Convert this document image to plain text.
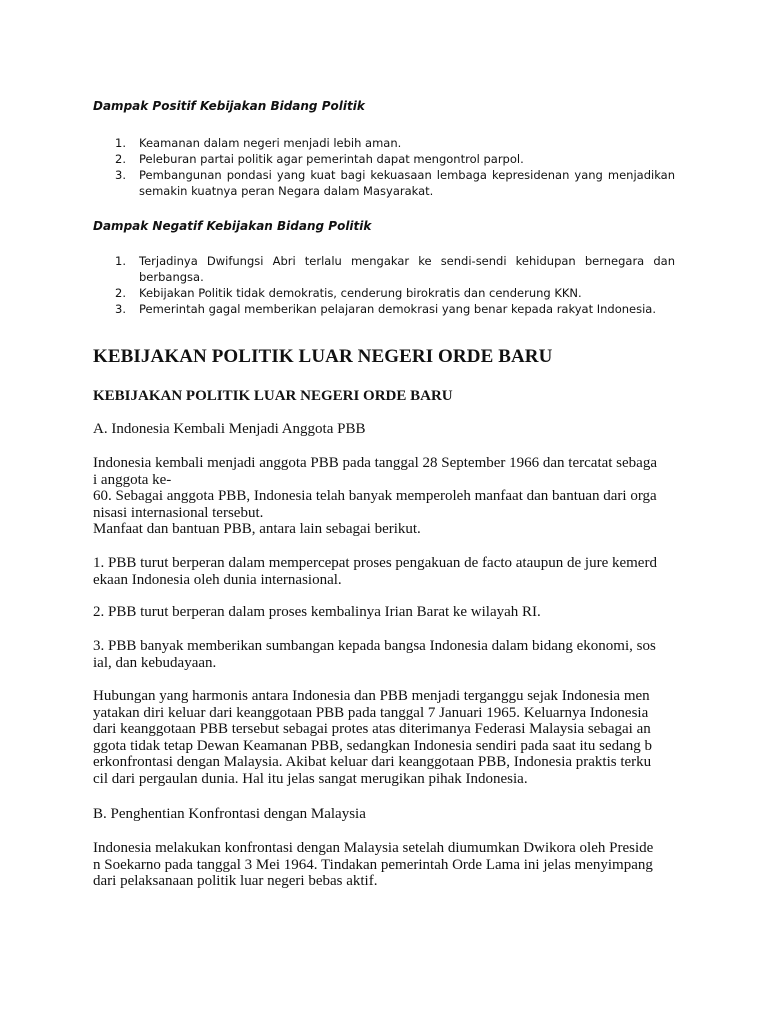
Dampak Positif Kebijakan Bidang Politik

1. Keamanan dalam negeri menjadi lebih aman.
2. Peleburan partai politik agar pemerintah dapat mengontrol parpol.
3. Pembangunan pondasi yang kuat bagi kekuasaan lembaga kepresidenan yang menjadikan semakin kuatnya peran Negara dalam Masyarakat.

Dampak Negatif Kebijakan Bidang Politik

1. Terjadinya Dwifungsi Abri terlalu mengakar ke sendi-sendi kehidupan bernegara dan berbangsa.
2. Kebijakan Politik tidak demokratis, cenderung birokratis dan cenderung KKN.
3. Pemerintah gagal memberikan pelajaran demokrasi yang benar kepada rakyat Indonesia.
KEBIJAKAN POLITIK LUAR NEGERI ORDE BARU
KEBIJAKAN POLITIK LUAR NEGERI ORDE BARU

A. Indonesia Kembali Menjadi Anggota PBB

Indonesia kembali menjadi anggota PBB pada tanggal 28 September 1966 dan tercatat sebaga
i anggota ke-
60. Sebagai anggota PBB, Indonesia telah banyak memperoleh manfaat dan bantuan dari orga
nisasi internasional tersebut.
Manfaat dan bantuan PBB, antara lain sebagai berikut.

1. PBB turut berperan dalam mempercepat proses pengakuan de facto ataupun de jure kemerd
ekaan Indonesia oleh dunia internasional.

2. PBB turut berperan dalam proses kembalinya Irian Barat ke wilayah RI.

3. PBB banyak memberikan sumbangan kepada bangsa Indonesia dalam bidang ekonomi, sos
ial, dan kebudayaan.

Hubungan yang harmonis antara Indonesia dan PBB menjadi terganggu sejak Indonesia men
yatakan diri keluar dari keanggotaan PBB pada tanggal 7 Januari 1965. Keluarnya Indonesia
dari keanggotaan PBB tersebut sebagai protes atas diterimanya Federasi Malaysia sebagai an
ggota tidak tetap Dewan Keamanan PBB, sedangkan Indonesia sendiri pada saat itu sedang b
erkonfrontasi dengan Malaysia. Akibat keluar dari keanggotaan PBB, Indonesia praktis terku
cil dari pergaulan dunia. Hal itu jelas sangat merugikan pihak Indonesia.

B. Penghentian Konfrontasi dengan Malaysia

Indonesia melakukan konfrontasi dengan Malaysia setelah diumumkan Dwikora oleh Preside
n Soekarno pada tanggal 3 Mei 1964. Tindakan pemerintah Orde Lama ini jelas menyimpang
dari pelaksanaan politik luar negeri bebas aktif.
